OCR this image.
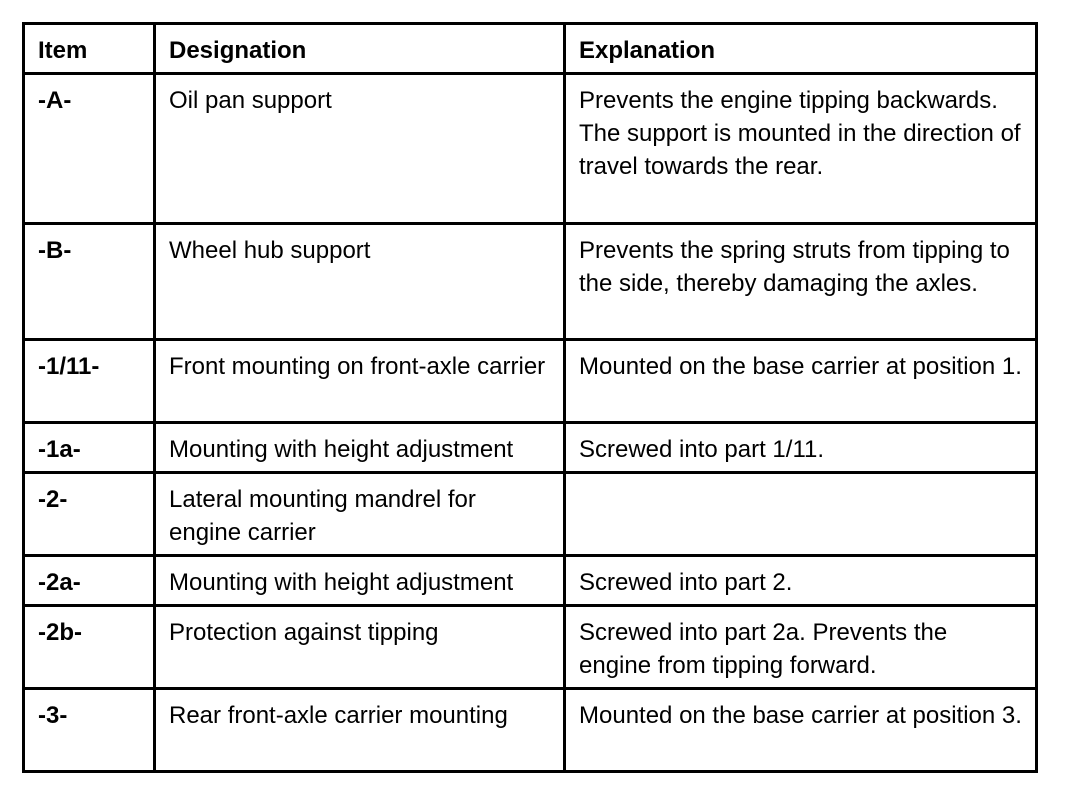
Item	Designation	Explanation
-A-	Oil pan support	Prevents the engine tipping backwards. The support is mounted in the direction of travel towards the rear.
-B-	Wheel hub support	Prevents the spring struts from tipping to the side, thereby damaging the axles.
-1/11-	Front mounting on front-axle carrier	Mounted on the base carrier at position 1.
-1a-	Mounting with height adjustment	Screwed into part 1/11.
-2-	Lateral mounting mandrel for engine carrier	
-2a-	Mounting with height adjustment	Screwed into part 2.
-2b-	Protection against tipping	Screwed into part 2a. Prevents the engine from tipping forward.
-3-	Rear front-axle carrier mounting	Mounted on the base carrier at position 3.
